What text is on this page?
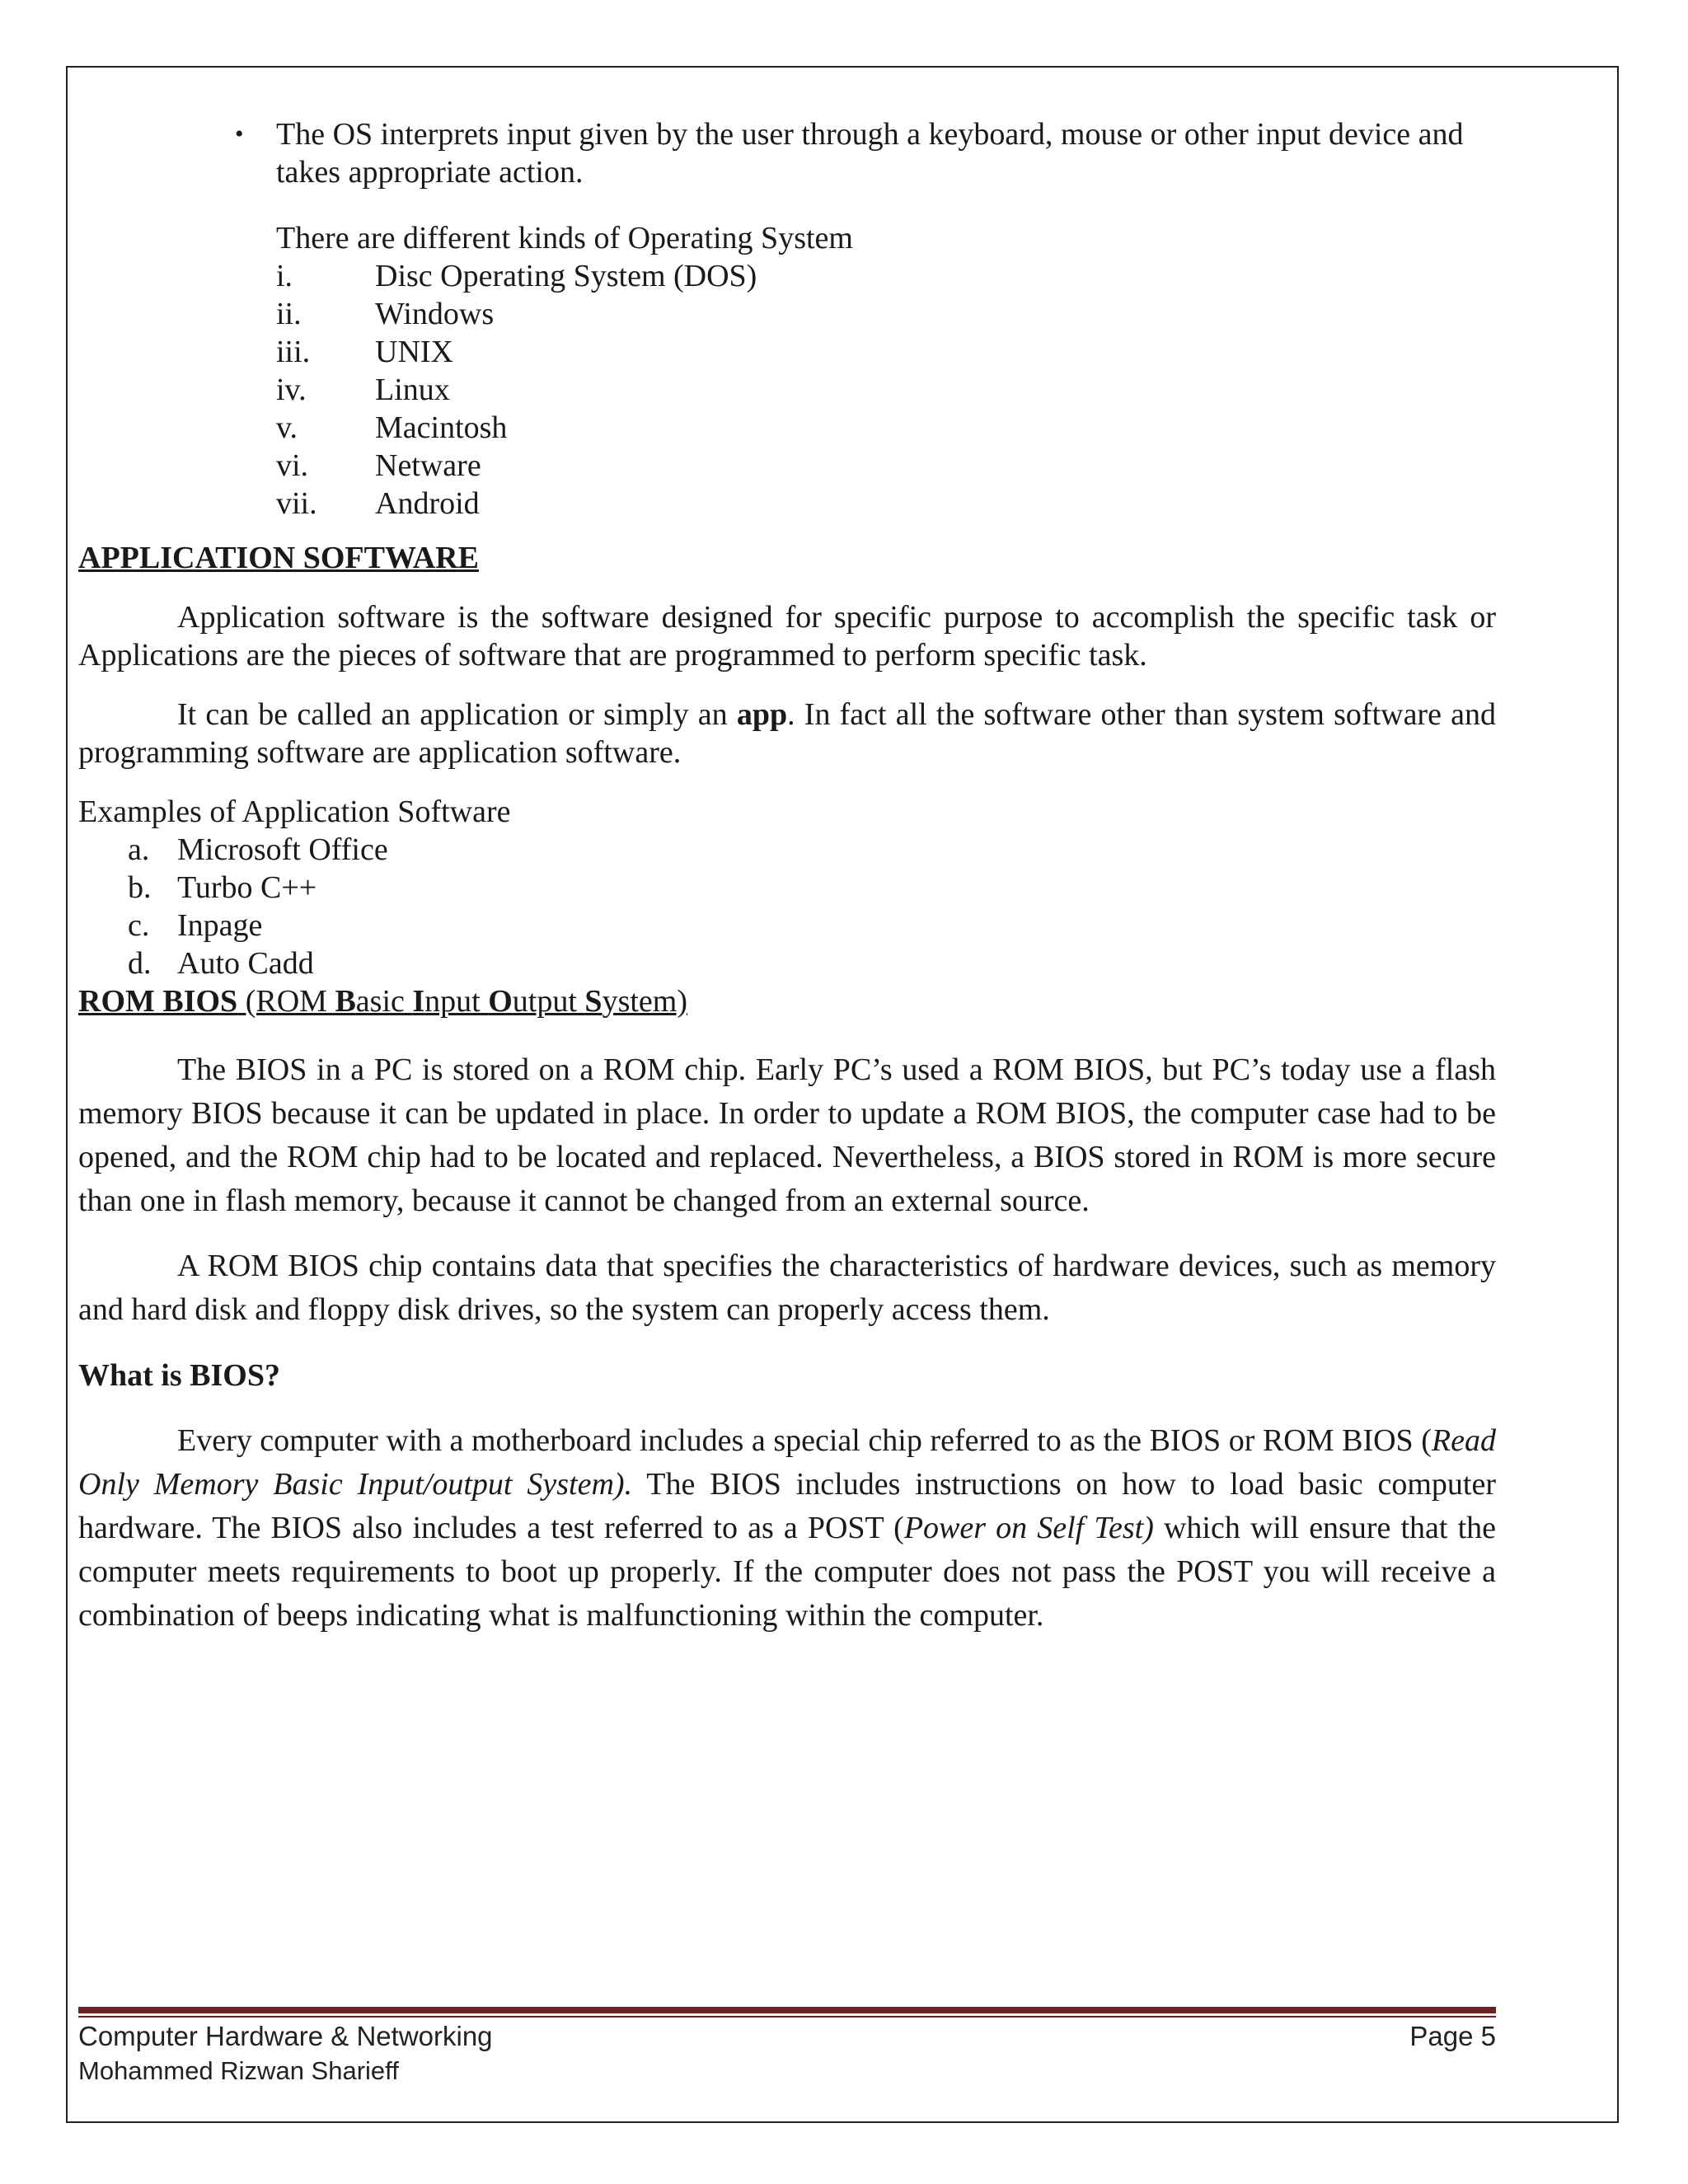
• The OS interprets input given by the user through a keyboard, mouse or other input device and takes appropriate action.
There are different kinds of Operating System
i.	Disc Operating System (DOS)
ii.	Windows
iii.	UNIX
iv.	Linux
v.	Macintosh
vi.	Netware
vii.	Android

APPLICATION SOFTWARE

Application software is the software designed for specific purpose to accomplish the specific task or Applications are the pieces of software that are programmed to perform specific task.

It can be called an application or simply an app. In fact all the software other than system software and programming software are application software.

Examples of Application Software

a. Microsoft Office
b. Turbo C++
c. Inpage
d. Auto Cadd

ROM BIOS (ROM Basic Input Output System)

The BIOS in a PC is stored on a ROM chip. Early PC’s used a ROM BIOS, but PC’s today use a flash memory BIOS because it can be updated in place. In order to update a ROM BIOS, the computer case had to be opened, and the ROM chip had to be located and replaced. Nevertheless, a BIOS stored in ROM is more secure than one in flash memory, because it cannot be changed from an external source.

A ROM BIOS chip contains data that specifies the characteristics of hardware devices, such as memory and hard disk and floppy disk drives, so the system can properly access them.

What is BIOS?

Every computer with a motherboard includes a special chip referred to as the BIOS or ROM BIOS (Read Only Memory Basic Input/output System). The BIOS includes instructions on how to load basic computer hardware. The BIOS also includes a test referred to as a POST (Power on Self Test) which will ensure that the computer meets requirements to boot up properly. If the computer does not pass the POST you will receive a combination of beeps indicating what is malfunctioning within the computer.

Computer Hardware & Networking	Page 5
Mohammed Rizwan Sharieff
